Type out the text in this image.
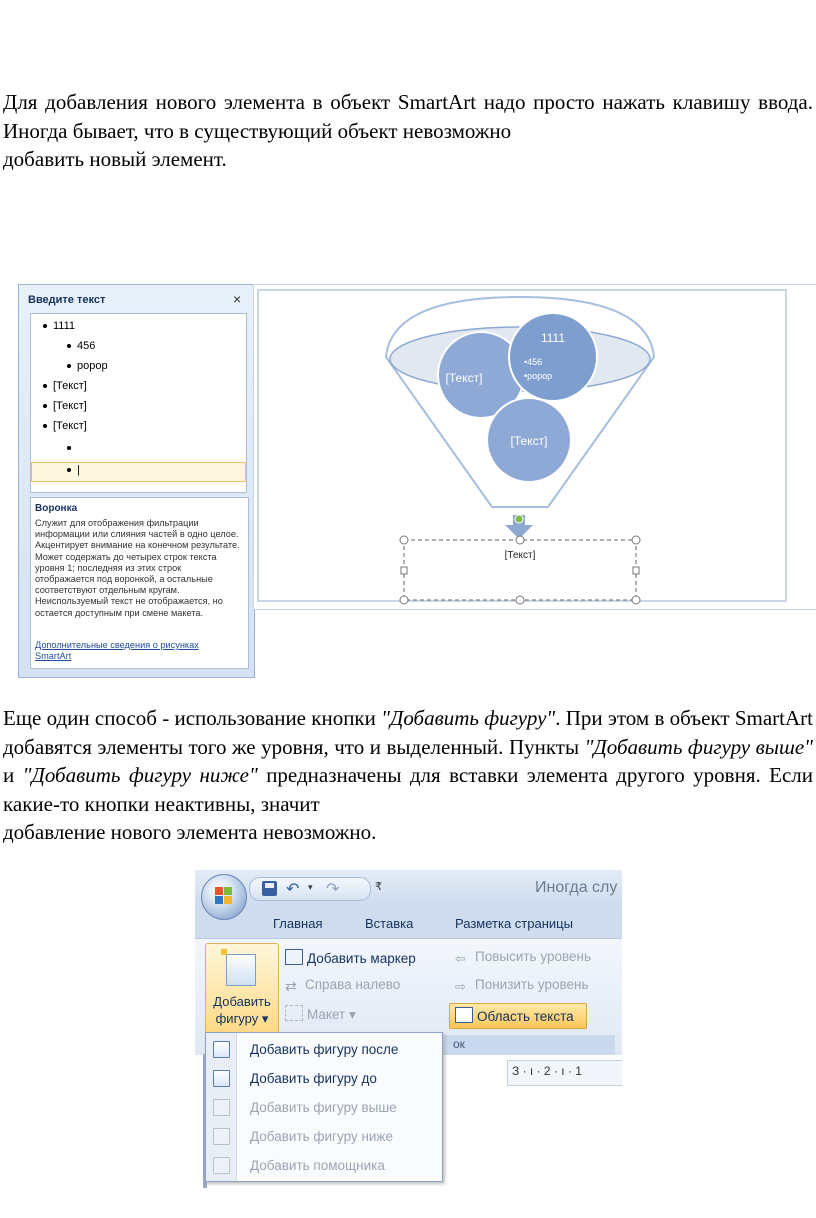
Для добавления нового элемента в объект SmartArt надо просто нажать клавишу ввода. Иногда бывает, что в существующий объект невозможно
добавить новый элемент.

Введите текст	×
1111
456
ророр
[Текст]
[Текст]
[Текст]
|
Воронка
Служит для отображения фильтрации информации или слияния частей в одно целое. Акцентирует внимание на конечном результате. Может содержать до четырех строк текста уровня 1; последняя из этих строк отображается под воронкой, а остальные соответствуют отдельным кругам. Неиспользуемый текст не отображается, но остается доступным при смене макета.
Дополнительные сведения о рисунках SmartArt
1111
•456
•ророр
[Текст]
[Текст]
[Текст]

Еще один способ - использование кнопки "Добавить фигуру". При этом в объект SmartArt добавятся элементы того же уровня, что и выделенный. Пункты "Добавить фигуру выше" и "Добавить фигуру ниже" предназначены для вставки элемента другого уровня. Если какие-то кнопки неактивны, значит
добавление нового элемента невозможно.

↶ ▾ ↷	₹	Иногда слу
Главная	Вставка	Разметка страницы
Добавить
фигуру ▾
Добавить маркер
⇄ Справа налево
Макет ▾
⇦ Повысить уровень
⇨ Понизить уровень
Область текста
ок
З · ı · 2 · ı · 1
Добавить фигуру после
Добавить фигуру до
Добавить фигуру выше
Добавить фигуру ниже
Добавить помощника
